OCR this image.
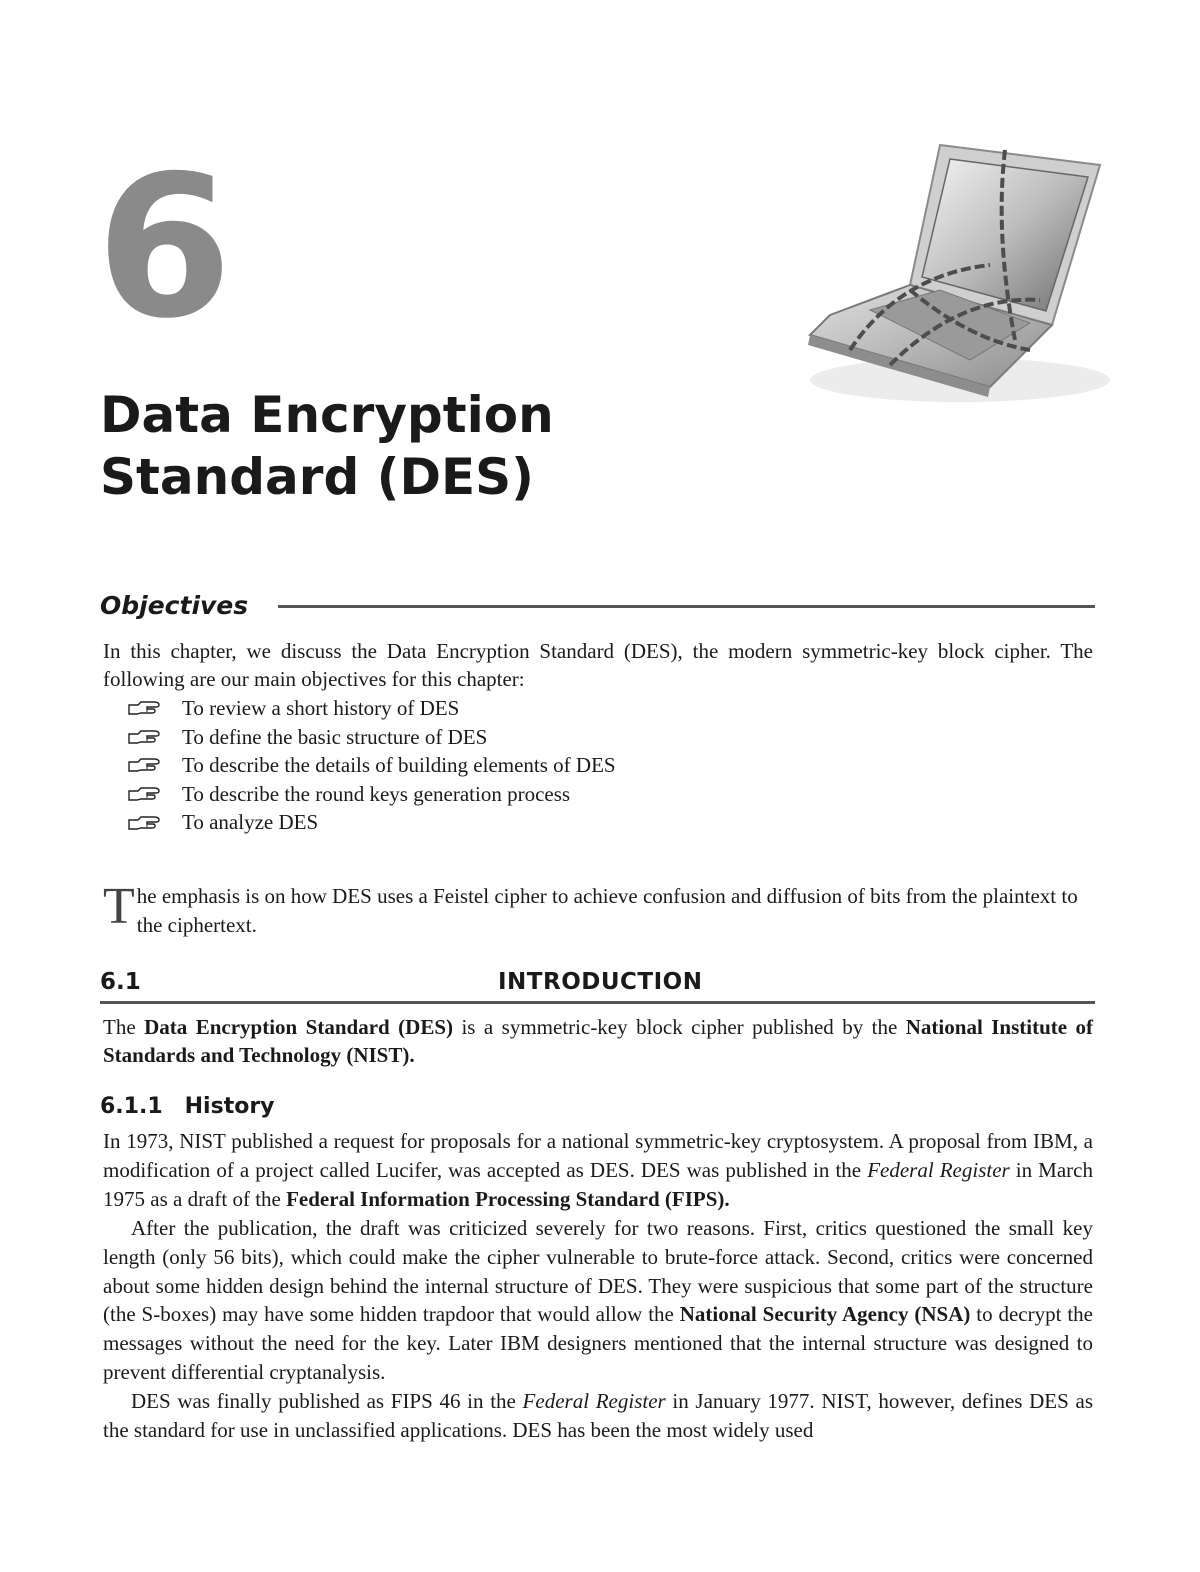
6
Data Encryption
Standard (DES)
Objectives
In this chapter, we discuss the Data Encryption Standard (DES), the modern symmetric-key block cipher. The following are our main objectives for this chapter:
To review a short history of DES
To define the basic structure of DES
To describe the details of building elements of DES
To describe the round keys generation process
To analyze DES
T he emphasis is on how DES uses a Feistel cipher to achieve confusion and diffusion of bits from the plaintext to the ciphertext.
6.1	INTRODUCTION
The Data Encryption Standard (DES) is a symmetric-key block cipher published by the National Institute of Standards and Technology (NIST).
6.1.1 History
In 1973, NIST published a request for proposals for a national symmetric-key cryptosystem. A proposal from IBM, a modification of a project called Lucifer, was accepted as DES. DES was published in the Federal Register in March 1975 as a draft of the Federal Information Processing Standard (FIPS).
After the publication, the draft was criticized severely for two reasons. First, critics questioned the small key length (only 56 bits), which could make the cipher vulnerable to brute-force attack. Second, critics were concerned about some hidden design behind the internal structure of DES. They were suspicious that some part of the structure (the S-boxes) may have some hidden trapdoor that would allow the National Security Agency (NSA) to decrypt the messages without the need for the key. Later IBM designers mentioned that the internal structure was designed to prevent differential cryptanalysis.
DES was finally published as FIPS 46 in the Federal Register in January 1977. NIST, however, defines DES as the standard for use in unclassified applications. DES has been the most widely used
